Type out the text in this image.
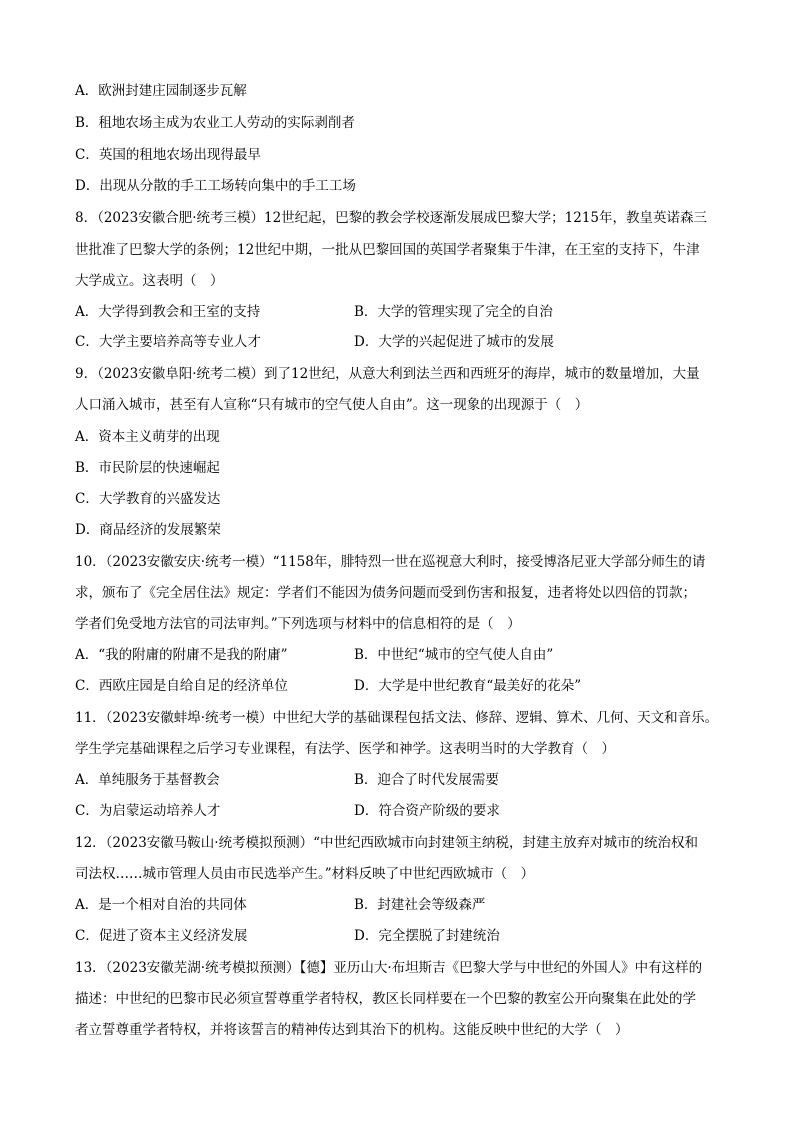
A．欧洲封建庄园制逐步瓦解
B．租地农场主成为农业工人劳动的实际剥削者
C．英国的租地农场出现得最早
D．出现从分散的手工工场转向集中的手工工场
8．（2023安徽合肥·统考三模）12世纪起，巴黎的教会学校逐渐发展成巴黎大学；1215年，教皇英诺森三
世批准了巴黎大学的条例；12世纪中期，一批从巴黎回国的英国学者聚集于牛津，在王室的支持下，牛津
大学成立。这表明（　）
A．大学得到教会和王室的支持	B．大学的管理实现了完全的自治
C．大学主要培养高等专业人才	D．大学的兴起促进了城市的发展
9．（2023安徽阜阳·统考二模）到了12世纪，从意大利到法兰西和西班牙的海岸，城市的数量增加，大量
人口涌入城市，甚至有人宣称“只有城市的空气使人自由”。这一现象的出现源于（　）
A．资本主义萌芽的出现
B．市民阶层的快速崛起
C．大学教育的兴盛发达
D．商品经济的发展繁荣
10．（2023安徽安庆·统考一模）“1158年，腓特烈一世在巡视意大利时，接受博洛尼亚大学部分师生的请
求，颁布了《完全居住法》规定：学者们不能因为债务问题而受到伤害和报复，违者将处以四倍的罚款；
学者们免受地方法官的司法审判。”下列选项与材料中的信息相符的是（　）
A．“我的附庸的附庸不是我的附庸”	B．中世纪“城市的空气使人自由”
C．西欧庄园是自给自足的经济单位	D．大学是中世纪教育“最美好的花朵”
11．（2023安徽蚌埠·统考一模）中世纪大学的基础课程包括文法、修辞、逻辑、算术、几何、天文和音乐。
学生学完基础课程之后学习专业课程，有法学、医学和神学。这表明当时的大学教育（　）
A．单纯服务于基督教会	B．迎合了时代发展需要
C．为启蒙运动培养人才	D．符合资产阶级的要求
12．（2023安徽马鞍山·统考模拟预测）“中世纪西欧城市向封建领主纳税，封建主放弃对城市的统治权和
司法权……城市管理人员由市民选举产生。”材料反映了中世纪西欧城市（　）
A．是一个相对自治的共同体	B．封建社会等级森严
C．促进了资本主义经济发展	D．完全摆脱了封建统治
13．（2023安徽芜湖·统考模拟预测）【德】亚历山大·布坦斯吉《巴黎大学与中世纪的外国人》中有这样的
描述：中世纪的巴黎市民必须宣誓尊重学者特权，教区长同样要在一个巴黎的教室公开向聚集在此处的学
者立誓尊重学者特权，并将该誓言的精神传达到其治下的机构。这能反映中世纪的大学（　）
